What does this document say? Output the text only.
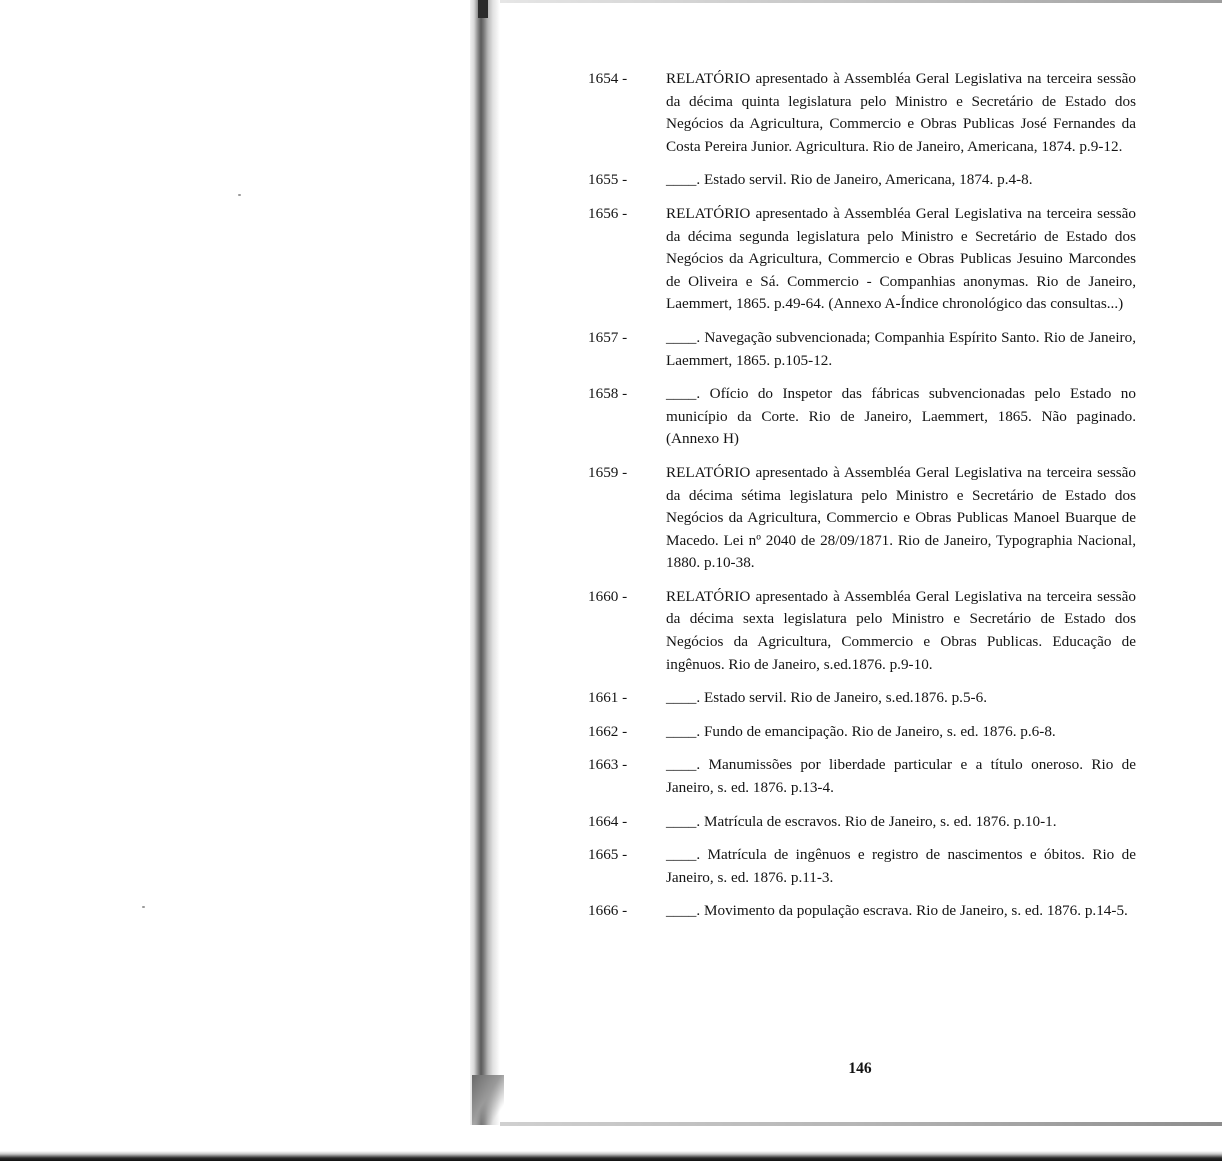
1654 -	RELATÓRIO apresentado à Assembléa Geral Legislativa na terceira sessão da décima quinta legislatura pelo Ministro e Secretário de Estado dos Negócios da Agricultura, Commercio e Obras Publicas José Fernandes da Costa Pereira Junior. Agricultura. Rio de Janeiro, Americana, 1874. p.9-12.
1655 -	____. Estado servil. Rio de Janeiro, Americana, 1874. p.4-8.
1656 -	RELATÓRIO apresentado à Assembléa Geral Legislativa na terceira sessão da décima segunda legislatura pelo Ministro e Secretário de Estado dos Negócios da Agricultura, Commercio e Obras Publicas Jesuino Marcondes de Oliveira e Sá. Commercio - Companhias anonymas. Rio de Janeiro, Laemmert, 1865. p.49-64. (Annexo A-Índice chronológico das consultas...)
1657 -	____. Navegação subvencionada; Companhia Espírito Santo. Rio de Janeiro, Laemmert, 1865. p.105-12.
1658 -	____. Ofício do Inspetor das fábricas subvencionadas pelo Estado no município da Corte. Rio de Janeiro, Laemmert, 1865. Não paginado. (Annexo H)
1659 -	RELATÓRIO apresentado à Assembléa Geral Legislativa na terceira sessão da décima sétima legislatura pelo Ministro e Secretário de Estado dos Negócios da Agricultura, Commercio e Obras Publicas Manoel Buarque de Macedo. Lei nº 2040 de 28/09/1871. Rio de Janeiro, Typographia Nacional, 1880. p.10-38.
1660 -	RELATÓRIO apresentado à Assembléa Geral Legislativa na terceira sessão da décima sexta legislatura pelo Ministro e Secretário de Estado dos Negócios da Agricultura, Commercio e Obras Publicas. Educação de ingênuos. Rio de Janeiro, s.ed.1876. p.9-10.
1661 -	____. Estado servil. Rio de Janeiro, s.ed.1876. p.5-6.
1662 -	____. Fundo de emancipação. Rio de Janeiro, s. ed. 1876. p.6-8.
1663 -	____. Manumissões por liberdade particular e a título oneroso. Rio de Janeiro, s. ed. 1876. p.13-4.
1664 -	____. Matrícula de escravos. Rio de Janeiro, s. ed. 1876. p.10-1.
1665 -	____. Matrícula de ingênuos e registro de nascimentos e óbitos. Rio de Janeiro, s. ed. 1876. p.11-3.
1666 -	____. Movimento da população escrava. Rio de Janeiro, s. ed. 1876. p.14-5.
146
